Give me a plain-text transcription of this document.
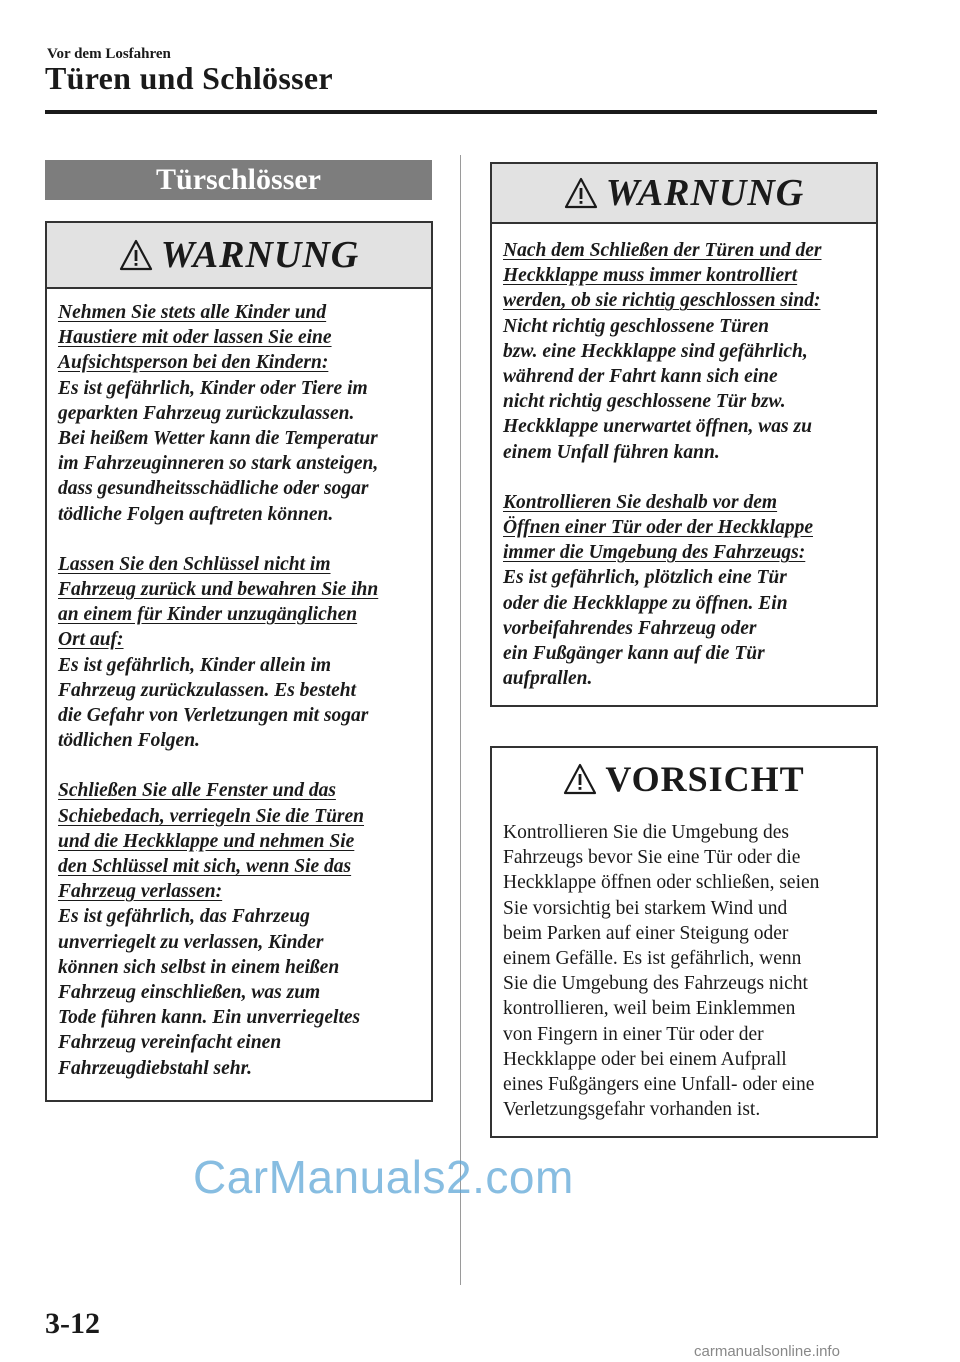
Vor dem Losfahren
Türen und Schlösser
Türschlösser
WARNUNG

Nehmen Sie stets alle Kinder und

Haustiere mit oder lassen Sie eine

Aufsichtsperson bei den Kindern:

Es ist gefährlich, Kinder oder Tiere im

geparkten Fahrzeug zurückzulassen.

Bei heißem Wetter kann die Temperatur

im Fahrzeuginneren so stark ansteigen,

dass gesundheitsschädliche oder sogar

tödliche Folgen auftreten können.

Lassen Sie den Schlüssel nicht im

Fahrzeug zurück und bewahren Sie ihn

an einem für Kinder unzugänglichen

Ort auf:

Es ist gefährlich, Kinder allein im

Fahrzeug zurückzulassen. Es besteht

die Gefahr von Verletzungen mit sogar

tödlichen Folgen.

Schließen Sie alle Fenster und das

Schiebedach, verriegeln Sie die Türen

und die Heckklappe und nehmen Sie

den Schlüssel mit sich, wenn Sie das

Fahrzeug verlassen:

Es ist gefährlich, das Fahrzeug

unverriegelt zu verlassen, Kinder

können sich selbst in einem heißen

Fahrzeug einschließen, was zum

Tode führen kann. Ein unverriegeltes

Fahrzeug vereinfacht einen

Fahrzeugdiebstahl sehr.

WARNUNG

Nach dem Schließen der Türen und der

Heckklappe muss immer kontrolliert

werden, ob sie richtig geschlossen sind:

Nicht richtig geschlossene Türen

bzw. eine Heckklappe sind gefährlich,

während der Fahrt kann sich eine

nicht richtig geschlossene Tür bzw.

Heckklappe unerwartet öffnen, was zu

einem Unfall führen kann.

Kontrollieren Sie deshalb vor dem

Öffnen einer Tür oder der Heckklappe

immer die Umgebung des Fahrzeugs:

Es ist gefährlich, plötzlich eine Tür

oder die Heckklappe zu öffnen. Ein

vorbeifahrendes Fahrzeug oder

ein Fußgänger kann auf die Tür

aufprallen.

VORSICHT

Kontrollieren Sie die Umgebung des

Fahrzeugs bevor Sie eine Tür oder die

Heckklappe öffnen oder schließen, seien

Sie vorsichtig bei starkem Wind und

beim Parken auf einer Steigung oder

einem Gefälle. Es ist gefährlich, wenn

Sie die Umgebung des Fahrzeugs nicht

kontrollieren, weil beim Einklemmen

von Fingern in einer Tür oder der

Heckklappe oder bei einem Aufprall

eines Fußgängers eine Unfall- oder eine

Verletzungsgefahr vorhanden ist.

CarManuals2.com
3-12
carmanualsonline.info
